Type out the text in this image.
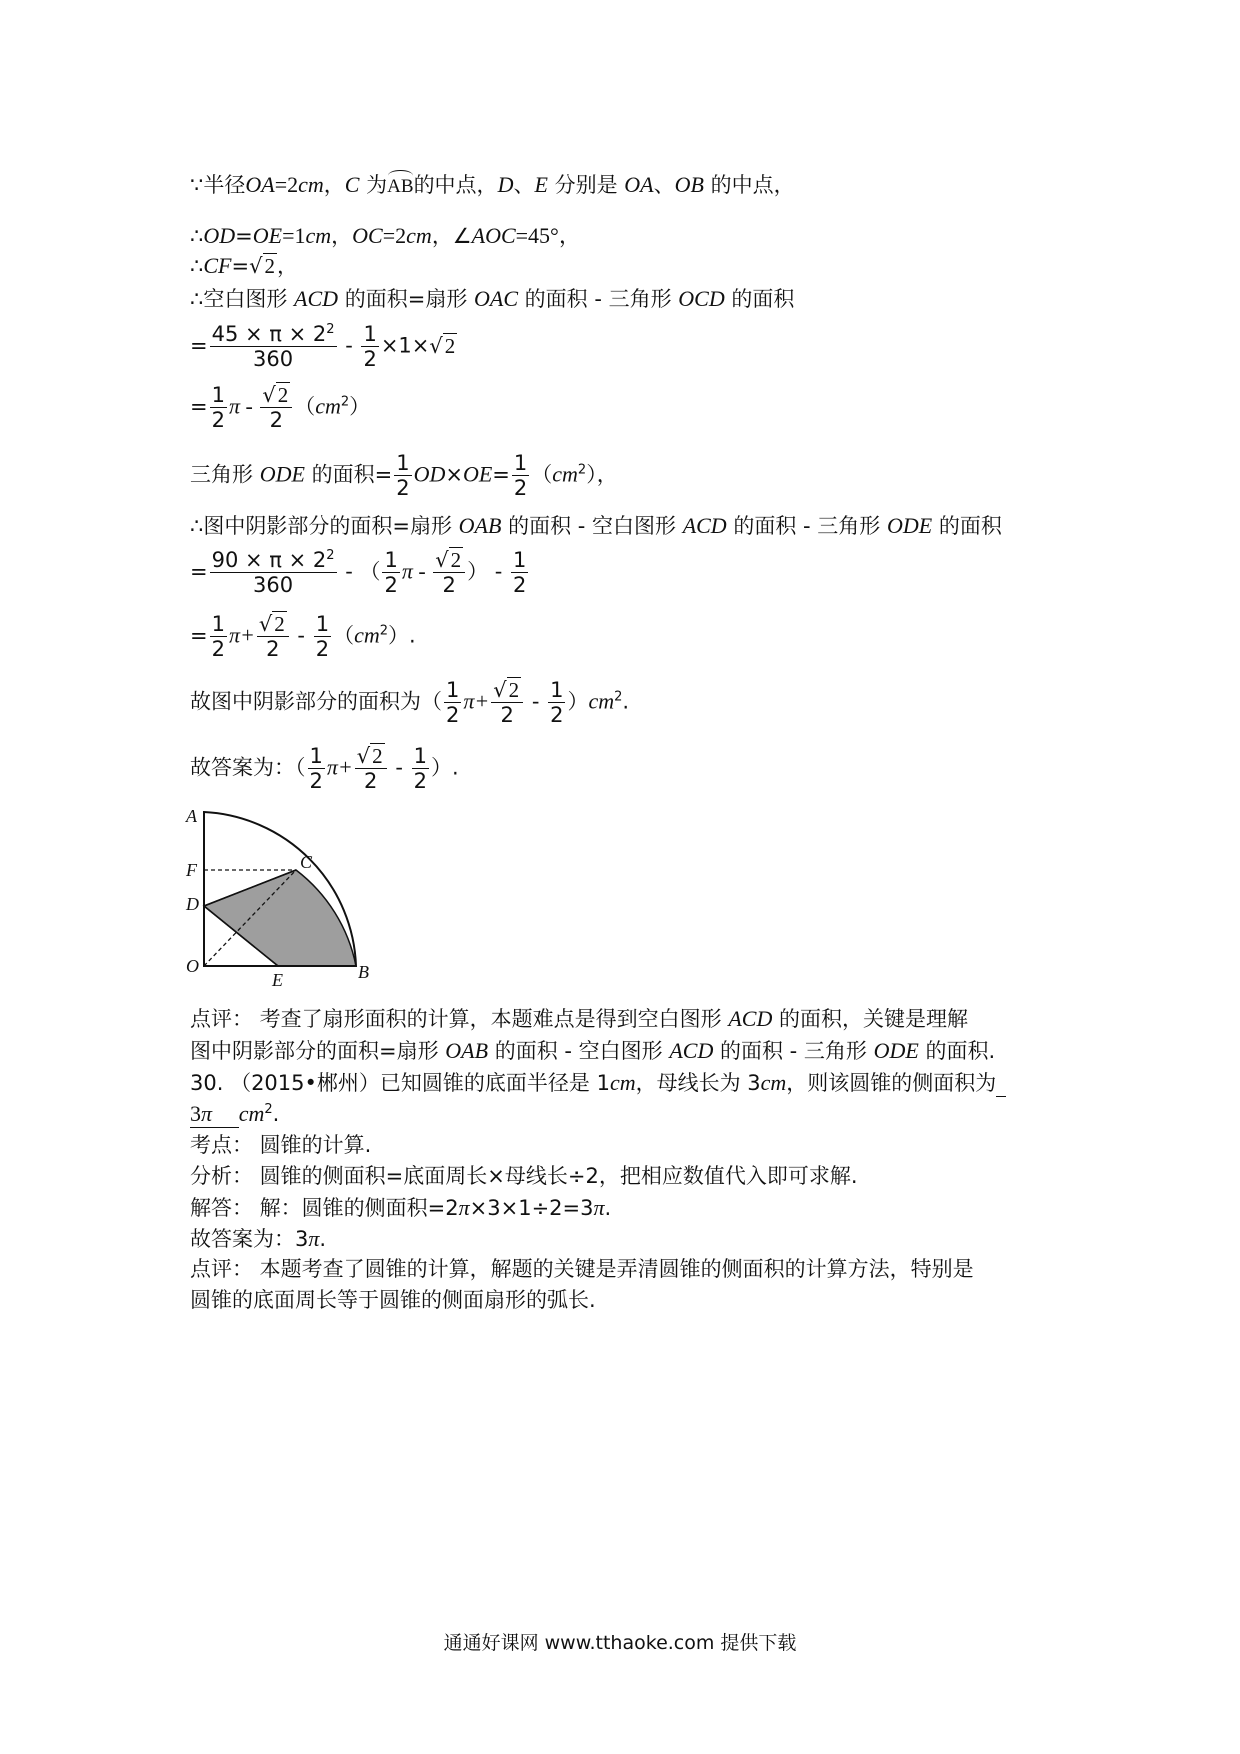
∵半径OA=2cm，C 为AB的中点，D、E 分别是 OA、OB 的中点，
∴OD=OE=1cm，OC=2cm，∠AOC=45°，
∴CF=√2，
∴空白图形 ACD 的面积=扇形 OAC 的面积 - 三角形 OCD 的面积
= $\frac{45 \times \pi \times 2^2}{360} - \frac{1}{2} \times 1\times√2$
= $\frac{1}{2}$ π - $\frac{√2}{2} (cm^2)$
三角形 ODE 的面积= $\frac{1}{2} OD\times OE= \frac{1}{2} (cm^2)$，
∴图中阴影部分的面积=扇形 OAB 的面积 - 空白图形 ACD 的面积 - 三角形 ODE 的面积
= $\frac{90 \times \pi \times 2^2}{360}$ - （ $\frac{1}{2}$ π - $\frac{√2}{2}$ ） - $\frac{1}{2}$
= $\frac{1}{2} \pi+ \frac{√2}{2} - \frac{1}{2} (cm^2)$.
故图中阴影部分的面积为（ $\frac{1}{2} \pi+ \frac{√2}{2} - \frac{1}{2} )cm^2$.
故答案为：（ $\frac{1}{2} \pi+ \frac{√2}{2} - \frac{1}{2}$ ）.
A
F
D
O
E	B
C
点评： 考查了扇形面积的计算，本题难点是得到空白图形 ACD 的面积，关键是理解
图中阴影部分的面积=扇形 OAB 的面积 - 空白图形 ACD 的面积 - 三角形 ODE 的面积.
30. （2015•郴州）已知圆锥的底面半径是 1cm，母线长为 3cm，则该圆锥的侧面积为
3π $cm^2$.
考点： 圆锥的计算.
分析： 圆锥的侧面积=底面周长×母线长÷2，把相应数值代入即可求解.
解答： 解：圆锥的侧面积=2π×3×1÷2=3π.
故答案为：3π.
点评： 本题考查了圆锥的计算，解题的关键是弄清圆锥的侧面积的计算方法，特别是
圆锥的底面周长等于圆锥的侧面扇形的弧长.
通通好课网 www.tthaoke.com 提供下载
